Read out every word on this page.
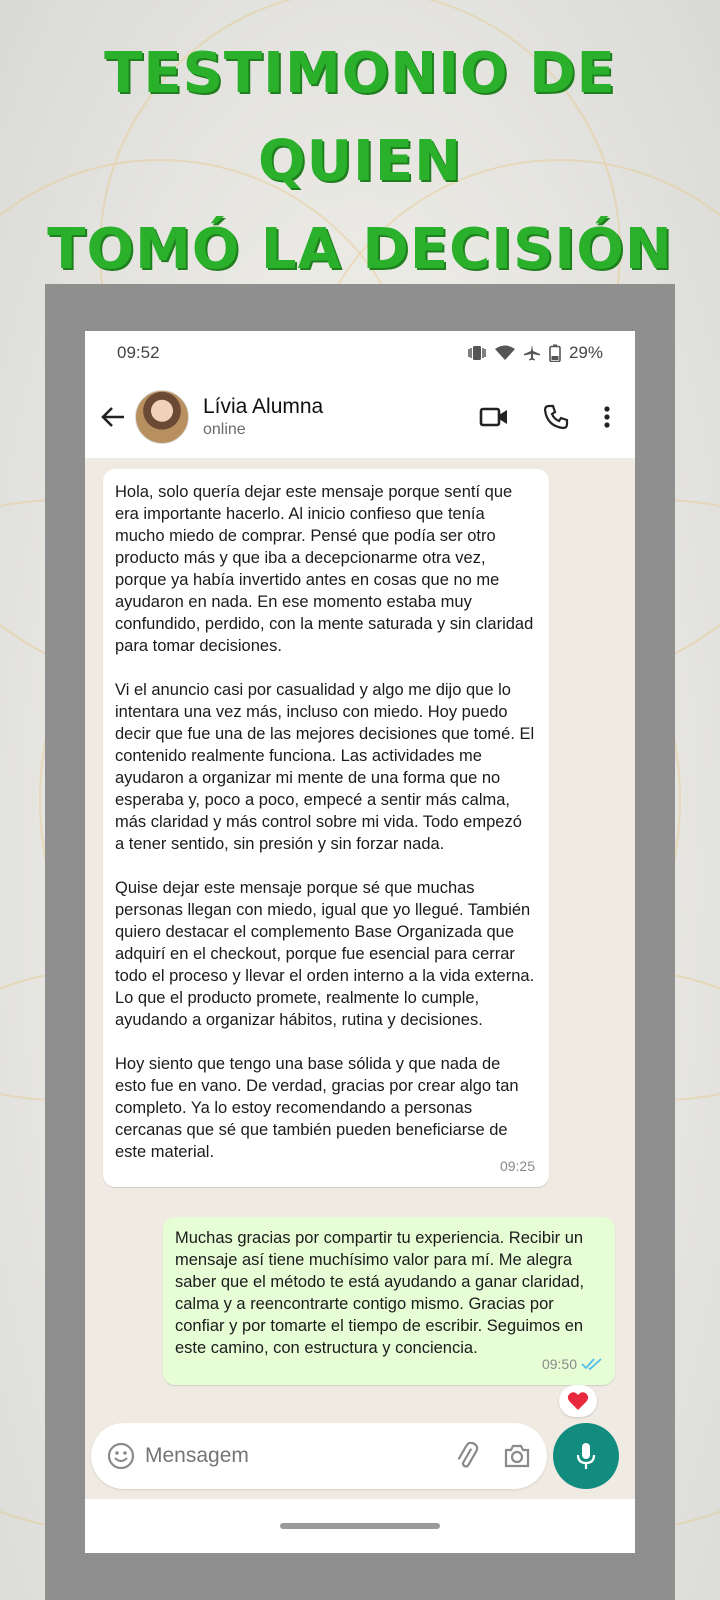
TESTIMONIO DE QUIEN
TOMÓ LA DECISIÓN
09:52	29%
Lívia Alumna
online

Hola, solo quería dejar este mensaje porque sentí que era importante hacerlo. Al inicio confieso que tenía mucho miedo de comprar. Pensé que podía ser otro producto más y que iba a decepcionarme otra vez, porque ya había invertido antes en cosas que no me ayudaron en nada. En ese momento estaba muy confundido, perdido, con la mente saturada y sin claridad para tomar decisiones.

Vi el anuncio casi por casualidad y algo me dijo que lo intentara una vez más, incluso con miedo. Hoy puedo decir que fue una de las mejores decisiones que tomé. El contenido realmente funciona. Las actividades me ayudaron a organizar mi mente de una forma que no esperaba y, poco a poco, empecé a sentir más calma, más claridad y más control sobre mi vida. Todo empezó a tener sentido, sin presión y sin forzar nada.

Quise dejar este mensaje porque sé que muchas personas llegan con miedo, igual que yo llegué. También quiero destacar el complemento Base Organizada que adquirí en el checkout, porque fue esencial para cerrar todo el proceso y llevar el orden interno a la vida externa. Lo que el producto promete, realmente lo cumple, ayudando a organizar hábitos, rutina y decisiones.

Hoy siento que tengo una base sólida y que nada de esto fue en vano. De verdad, gracias por crear algo tan completo. Ya lo estoy recomendando a personas cercanas que sé que también pueden beneficiarse de este material.

09:25

Muchas gracias por compartir tu experiencia. Recibir un mensaje así tiene muchísimo valor para mí. Me alegra saber que el método te está ayudando a ganar claridad, calma y a reencontrarte contigo mismo. Gracias por confiar y por tomarte el tiempo de escribir. Seguimos en este camino, con estructura y conciencia.

09:50
Mensagem
